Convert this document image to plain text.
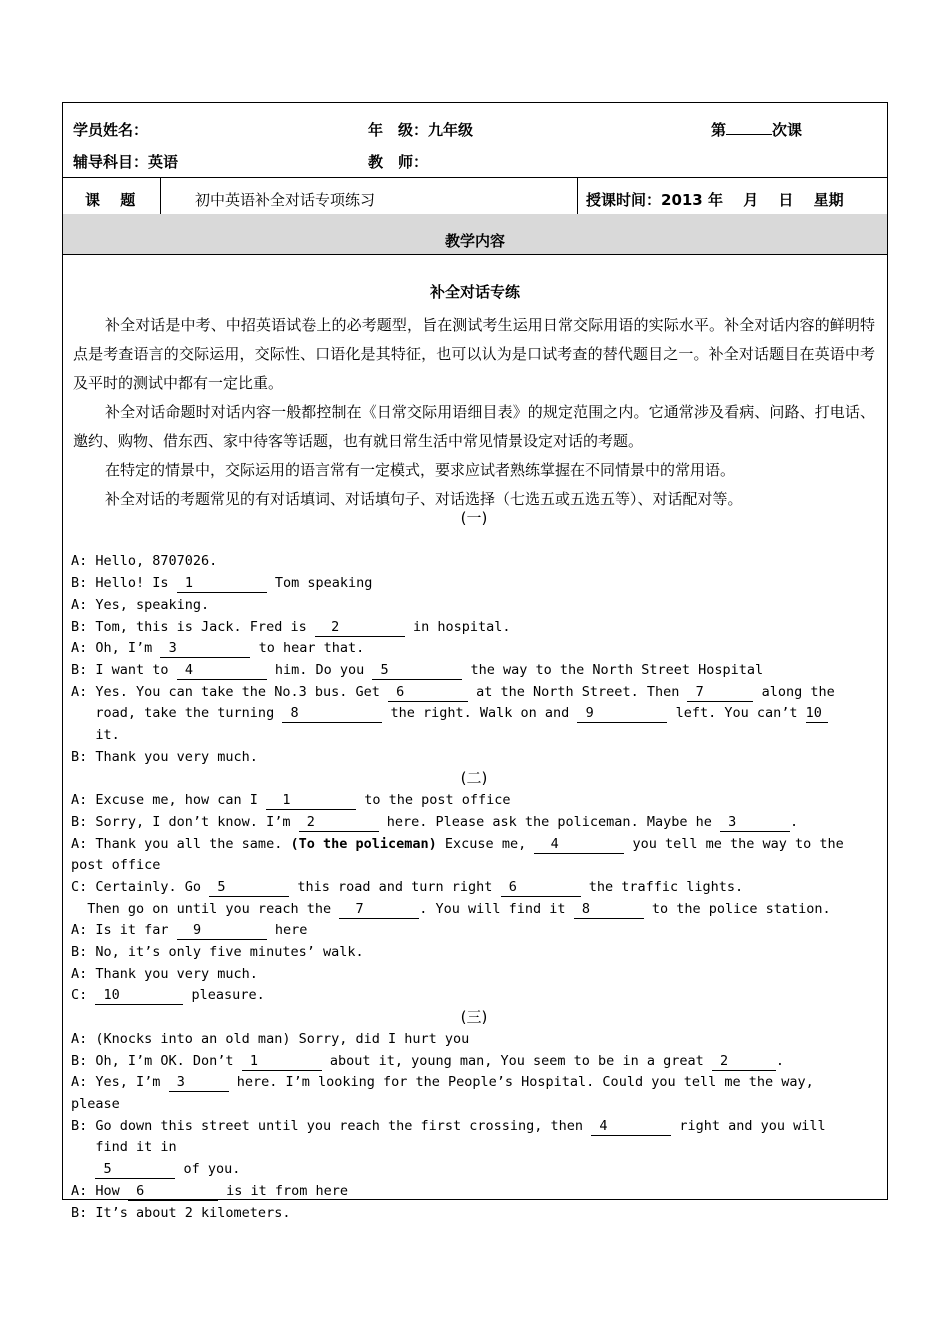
学员姓名：	年　级：九年级	第	次课
辅导科目：英语	教　师：
课　 题	初中英语补全对话专项练习	授课时间：2013 年　 月　 日　 星期
教学内容
补全对话专练

补全对话是中考、中招英语试卷上的必考题型，旨在测试考生运用日常交际用语的实际水平。补全对话内容的鲜明特点是考查语言的交际运用，交际性、口语化是其特征，也可以认为是口试考查的替代题目之一。补全对话题目在英语中考及平时的测试中都有一定比重。

补全对话命题时对话内容一般都控制在《日常交际用语细目表》的规定范围之内。它通常涉及看病、问路、打电话、邀约、购物、借东西、家中待客等话题，也有就日常生活中常见情景设定对话的考题。

在特定的情景中，交际运用的语言常有一定模式，要求应试者熟练掌握在不同情景中的常用语。

补全对话的考题常见的有对话填词、对话填句子、对话选择（七选五或五选五等）、对话配对等。

(一)

A: Hello, 8707026.
B: Hello! Is 1	Tom speaking
A: Yes, speaking.
B: Tom, this is Jack. Fred is 2	in hospital.
A: Oh, I’m 3	to hear that.
B: I want to 4	him. Do you 5	the way to the North Street Hospital
A: Yes. You can take the No.3 bus. Get 6	at the North Street. Then 7	along the
road, take the turning 8	the right. Walk on and 9	left. You can’t 10
it.
B: Thank you very much.

(二)
A: Excuse me, how can I 1	to the post office
B: Sorry, I don’t know. I’m 2	here. Please ask the policeman. Maybe he 3	.
A: Thank you all the same. (To the policeman) Excuse me, 4	you tell me the way to the
post office
C: Certainly. Go 5	this road and turn right 6	the traffic lights.
Then go on until you reach the 7	. You will find it 8	to the police station.
A: Is it far 9	here
B: No, it’s only five minutes’ walk.
A: Thank you very much.
C: 10	pleasure.

(三)
A: (Knocks into an old man) Sorry, did I hurt you
B: Oh, I’m OK. Don’t 1	about it, young man, You seem to be in a great 2	.
A: Yes, I’m 3	here. I’m looking for the People’s Hospital. Could you tell me the way,
please
B: Go down this street until you reach the first crossing, then 4	right and you will
find it in
5	of you.
A: How 6	is it from here
B: It’s about 2 kilometers.
